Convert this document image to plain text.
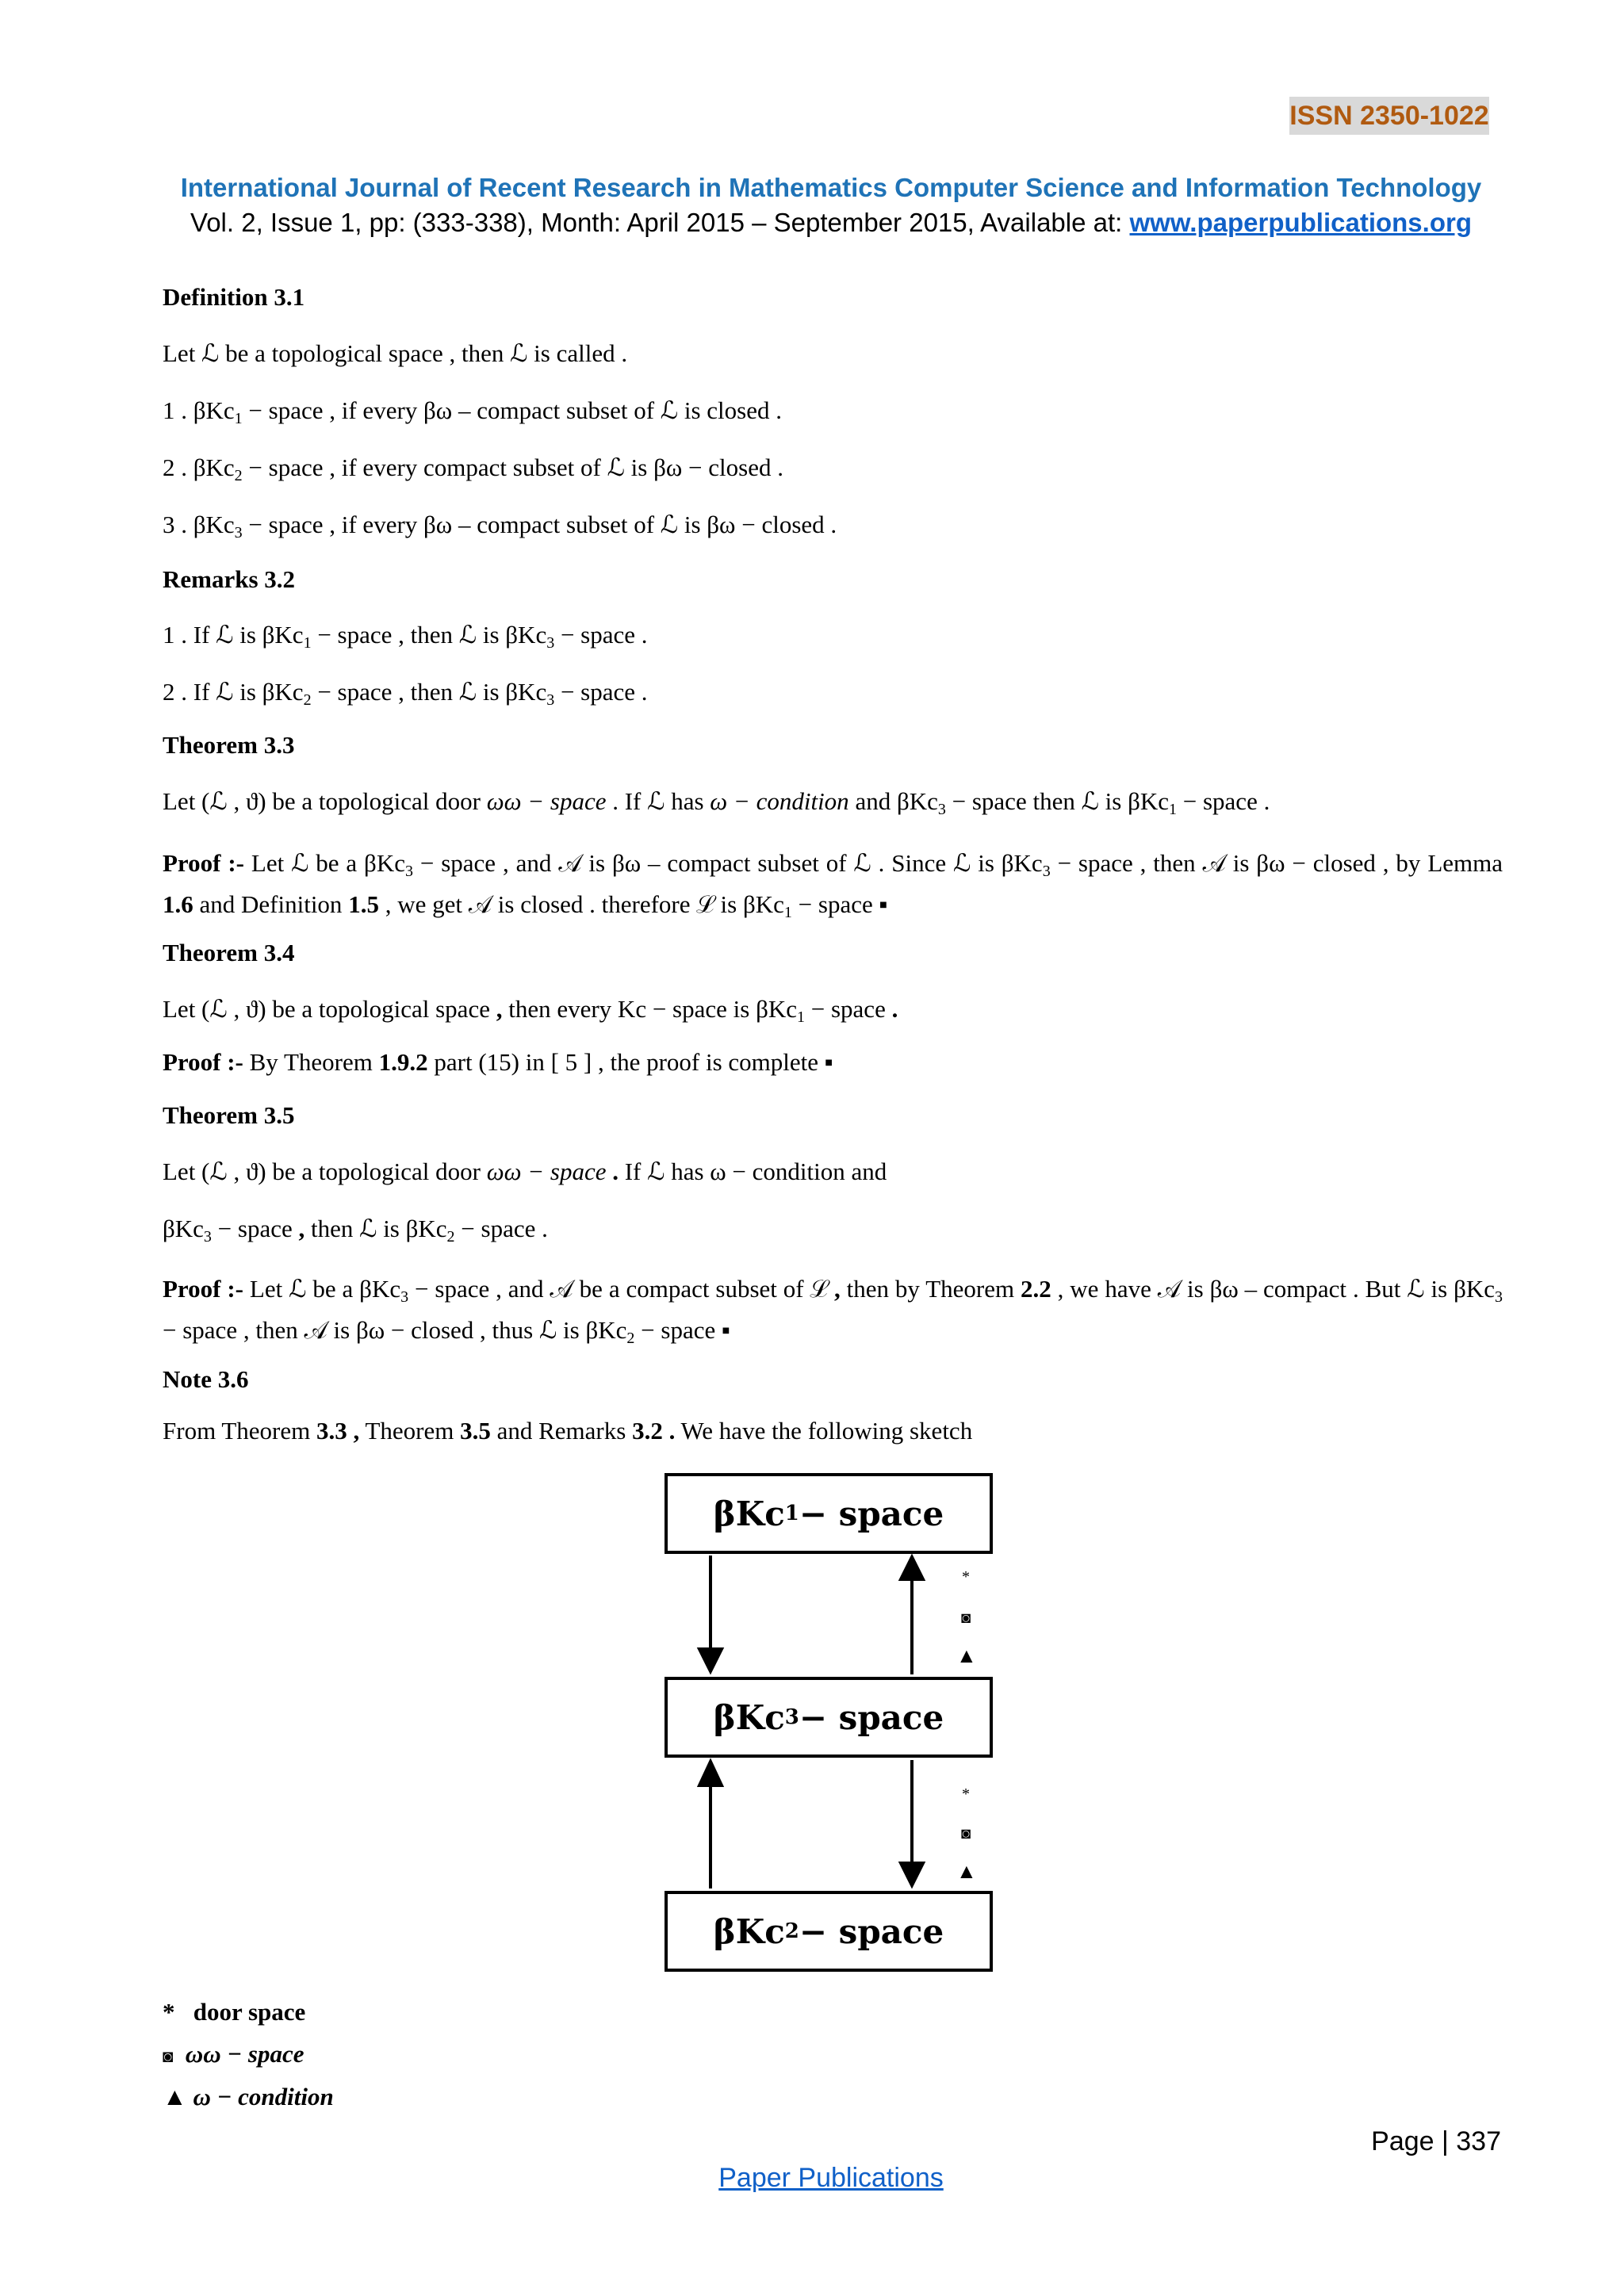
ISSN 2350-1022
International Journal of Recent Research in Mathematics Computer Science and Information Technology
Vol. 2, Issue 1, pp: (333-338), Month: April 2015 – September 2015, Available at: www.paperpublications.org
Definition 3.1
Let ℒ be a topological space , then ℒ is called .
1 . βKc$_1$ − space , if every βω – compact subset of ℒ is closed .
2 . βKc$_2$ − space , if every compact subset of ℒ is βω − closed .
3 . βKc$_3$ − space , if every βω – compact subset of ℒ is βω − closed .
Remarks 3.2
1 . If ℒ is βKc$_1$ − space , then ℒ is βKc$_3$ − space .
2 . If ℒ is βKc$_2$ − space , then ℒ is βKc$_3$ − space .
Theorem 3.3
Let (ℒ , ϑ) be a topological door ωω − space . If ℒ has ω − condition and βKc$_3$ − space then ℒ is βKc$_1$ − space .
Proof :- Let ℒ be a βKc$_3$ − space , and 𝒜 is βω – compact subset of ℒ . Since ℒ is βKc$_3$ − space , then 𝒜 is βω − closed , by Lemma 1.6 and Definition 1.5 , we get 𝒜 is closed . therefore ℒ is βKc$_1$ − space ▪
Theorem 3.4
Let (ℒ , ϑ) be a topological space , then every Kc − space is βKc$_1$ − space .
Proof :- By Theorem 1.9.2 part (15) in [ 5 ] , the proof is complete ▪
Theorem 3.5
Let (ℒ , ϑ) be a topological door ωω − space . If ℒ has ω − condition and
βKc$_3$ − space , then ℒ is βKc$_2$ − space .
Proof :- Let ℒ be a βKc$_3$ − space , and 𝒜 be a compact subset of ℒ , then by Theorem 2.2 , we have 𝒜 is βω – compact . But ℒ is βKc$_3$ − space , then 𝒜 is βω − closed , thus ℒ is βKc$_2$ − space ▪
Note 3.6
From Theorem 3.3 , Theorem 3.5 and Remarks 3.2 . We have the following sketch
βKc 1 − space
βKc 3 − space
βKc 2 − space
*
◙
▲
*
◙
▲
* door space
◙ ωω − space
▲ ω − condition
Page | 337
Paper Publications
